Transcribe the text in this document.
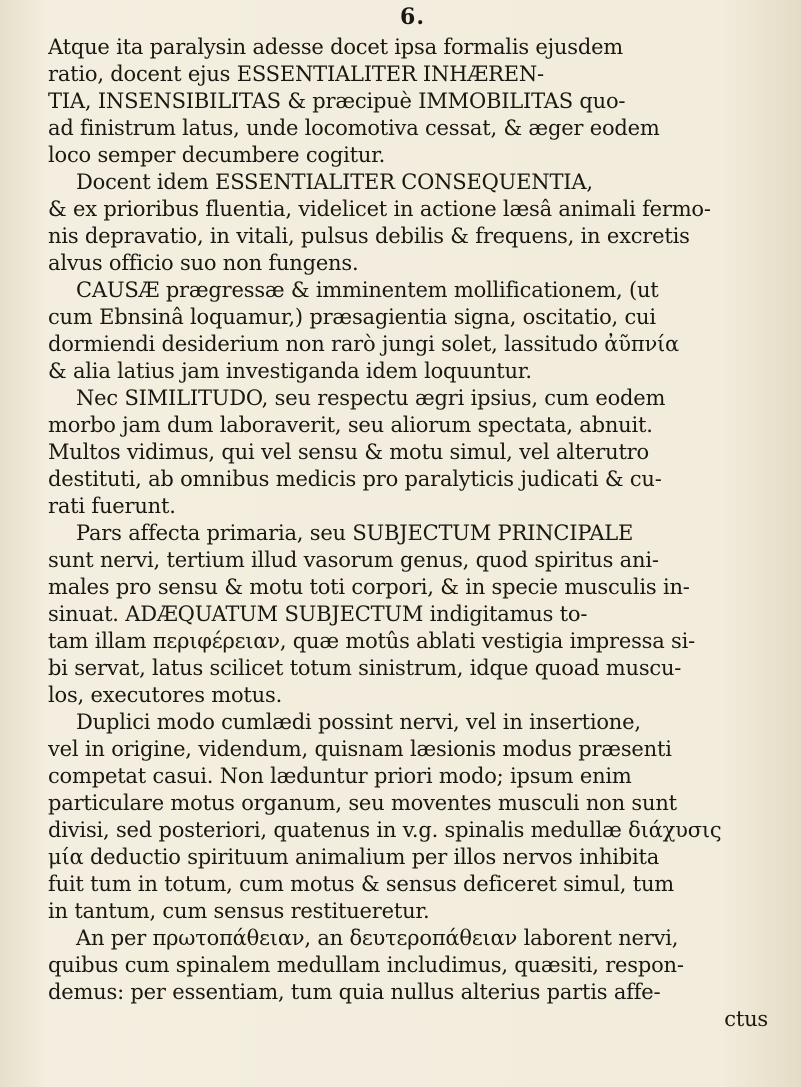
6.
Atque ita paralysin adesse docet ipsa formalis ejusdem
ratio, docent ejus ESSENTIALITER INHÆREN-
TIA, INSENSIBILITAS & præcipuè IMMOBILITAS quo-
ad finistrum latus, unde locomotiva cessat, & æger eodem
loco semper decumbere cogitur.
Docent idem ESSENTIALITER CONSEQUENTIA,
& ex prioribus fluentia, videlicet in actione læsâ animali fermo-
nis depravatio, in vitali, pulsus debilis & frequens, in excretis
alvus officio suo non fungens.
CAUSÆ prægressæ & imminentem mollificationem, (ut
cum Ebnsinâ loquamur,) præsagientia signa, oscitatio, cui
dormiendi desiderium non rarò jungi solet, lassitudo ἀῦπνία
& alia latius jam investiganda idem loquuntur.
Nec SIMILITUDO, seu respectu ægri ipsius, cum eodem
morbo jam dum laboraverit, seu aliorum spectata, abnuit.
Multos vidimus, qui vel sensu & motu simul, vel alterutro
destituti, ab omnibus medicis pro paralyticis judicati & cu-
rati fuerunt.
Pars affecta primaria, seu SUBJECTUM PRINCIPALE
sunt nervi, tertium illud vasorum genus, quod spiritus ani-
males pro sensu & motu toti corpori, & in specie musculis in-
sinuat. ADÆQUATUM SUBJECTUM indigitamus to-
tam illam περιφέρειαν, quæ motûs ablati vestigia impressa si-
bi servat, latus scilicet totum sinistrum, idque quoad muscu-
los, executores motus.
Duplici modo cumlædi possint nervi, vel in insertione,
vel in origine, videndum, quisnam læsionis modus præsenti
competat casui. Non læduntur priori modo; ipsum enim
particulare motus organum, seu moventes musculi non sunt
divisi, sed posteriori, quatenus in v.g. spinalis medullæ διάχυσις
μία deductio spirituum animalium per illos nervos inhibita
fuit tum in totum, cum motus & sensus deficeret simul, tum
in tantum, cum sensus restitueretur.
An per πρωτοπάθειαν, an δευτεροπάθειαν laborent nervi,
quibus cum spinalem medullam includimus, quæsiti, respon-
demus: per essentiam, tum quia nullus alterius partis affe-
ctus
